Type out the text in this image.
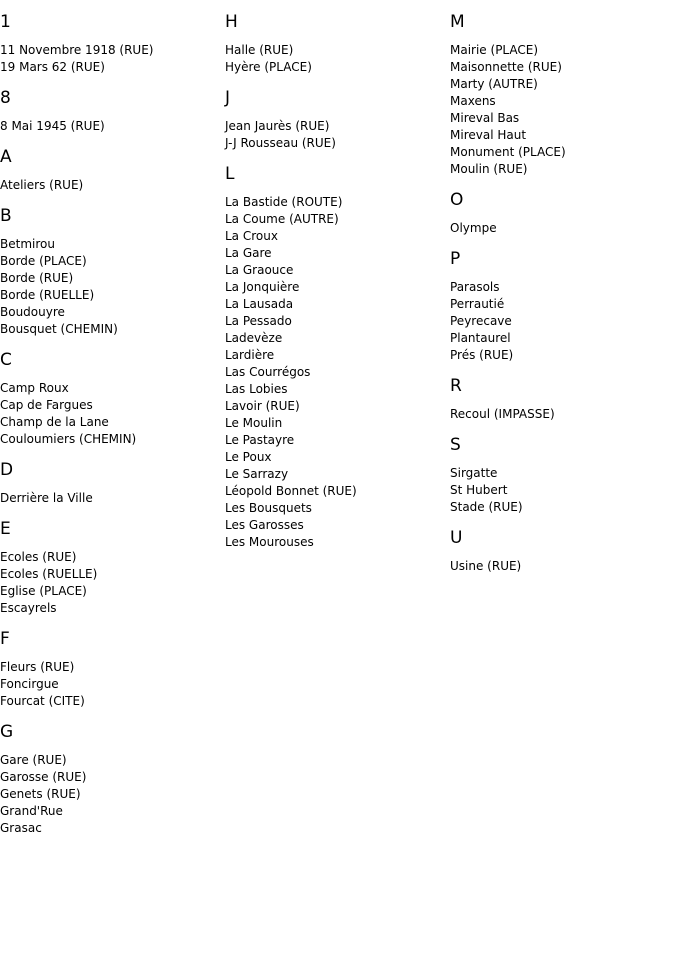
1
11 Novembre 1918 (RUE)
19 Mars 62 (RUE)
8
8 Mai 1945 (RUE)
A
Ateliers (RUE)
B
Betmirou
Borde (PLACE)
Borde (RUE)
Borde (RUELLE)
Boudouyre
Bousquet (CHEMIN)
C
Camp Roux
Cap de Fargues
Champ de la Lane
Couloumiers (CHEMIN)
D
Derrière la Ville
E
Ecoles (RUE)
Ecoles (RUELLE)
Eglise (PLACE)
Escayrels
F
Fleurs (RUE)
Foncirgue
Fourcat (CITE)
G
Gare (RUE)
Garosse (RUE)
Genets (RUE)
Grand'Rue
Grasac
H
Halle (RUE)
Hyère (PLACE)
J
Jean Jaurès (RUE)
J-J Rousseau (RUE)
L
La Bastide (ROUTE)
La Coume (AUTRE)
La Croux
La Gare
La Graouce
La Jonquière
La Lausada
La Pessado
Ladevèze
Lardière
Las Courrégos
Las Lobies
Lavoir (RUE)
Le Moulin
Le Pastayre
Le Poux
Le Sarrazy
Léopold Bonnet (RUE)
Les Bousquets
Les Garosses
Les Mourouses
M
Mairie (PLACE)
Maisonnette (RUE)
Marty (AUTRE)
Maxens
Mireval Bas
Mireval Haut
Monument (PLACE)
Moulin (RUE)
O
Olympe
P
Parasols
Perrautié
Peyrecave
Plantaurel
Prés (RUE)
R
Recoul (IMPASSE)
S
Sirgatte
St Hubert
Stade (RUE)
U
Usine (RUE)
